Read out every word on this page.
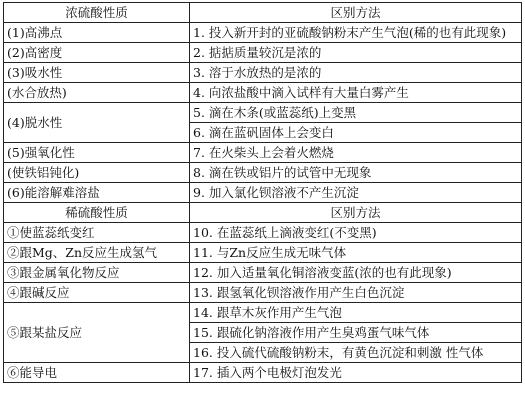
浓硫酸性质	区别方法
(1)高沸点	1. 投入新开封的亚硫酸钠粉末产生气泡(稀的也有此现象)
(2)高密度	2. 掂掂质量较沉是浓的
(3)吸水性	3. 溶于水放热的是浓的
(水合放热)	4. 向浓盐酸中滴入试样有大量白雾产生
(4)脱水性	5. 滴在木条(或蓝蕊纸)上变黑
	6. 滴在蓝矾固体上会变白
(5)强氧化性	7. 在火柴头上会着火燃烧
(使铁铝钝化)	8. 滴在铁或铝片的试管中无现象
(6)能溶解难溶盐	9. 加入氯化钡溶液不产生沉淀
稀硫酸性质	区别方法
①使蓝蕊纸变红	10. 在蓝蕊纸上滴液变红(不变黑)
②跟Mg、Zn反应生成氢气	11. 与Zn反应生成无味气体
③跟金属氧化物反应	12. 加入适量氧化铜溶液变蓝(浓的也有此现象)
④跟碱反应	13. 跟氢氧化钡溶液作用产生白色沉淀
⑤跟某盐反应	14. 跟草木灰作用产生气泡
	15. 跟硫化钠溶液作用产生臭鸡蛋气味气体
	16. 投入硫代硫酸钠粉末，有黄色沉淀和刺激 性气体
⑥能导电	17. 插入两个电极灯泡发光
